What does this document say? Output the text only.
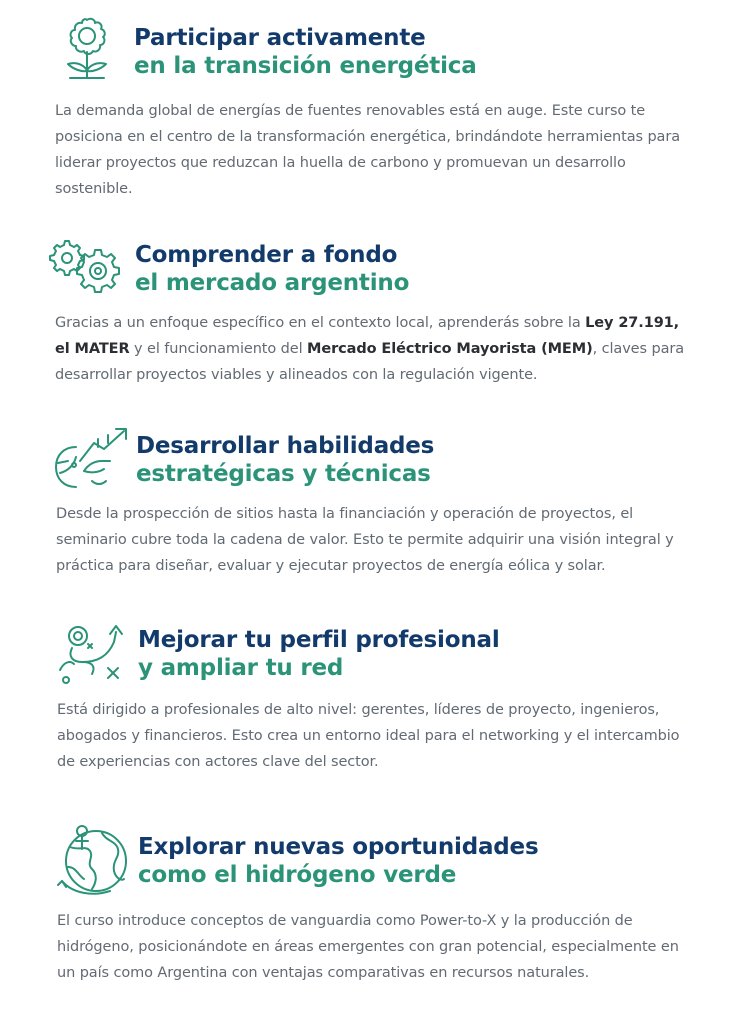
Participar activamente
en la transición energética

La demanda global de energías de fuentes renovables está en auge. Este curso te posiciona en el centro de la transformación energética, brindándote herramientas para liderar proyectos que reduzcan la huella de carbono y promuevan un desarrollo sostenible.

Comprender a fondo
el mercado argentino

Gracias a un enfoque específico en el contexto local, aprenderás sobre la Ley 27.191, el MATER y el funcionamiento del Mercado Eléctrico Mayorista (MEM), claves para desarrollar proyectos viables y alineados con la regulación vigente.

Desarrollar habilidades
estratégicas y técnicas

Desde la prospección de sitios hasta la financiación y operación de proyectos, el seminario cubre toda la cadena de valor. Esto te permite adquirir una visión integral y práctica para diseñar, evaluar y ejecutar proyectos de energía eólica y solar.

Mejorar tu perfil profesional
y ampliar tu red

Está dirigido a profesionales de alto nivel: gerentes, líderes de proyecto, ingenieros, abogados y financieros. Esto crea un entorno ideal para el networking y el intercambio de experiencias con actores clave del sector.

Explorar nuevas oportunidades
como el hidrógeno verde

El curso introduce conceptos de vanguardia como Power-to-X y la producción de hidrógeno, posicionándote en áreas emergentes con gran potencial, especialmente en un país como Argentina con ventajas comparativas en recursos naturales.
